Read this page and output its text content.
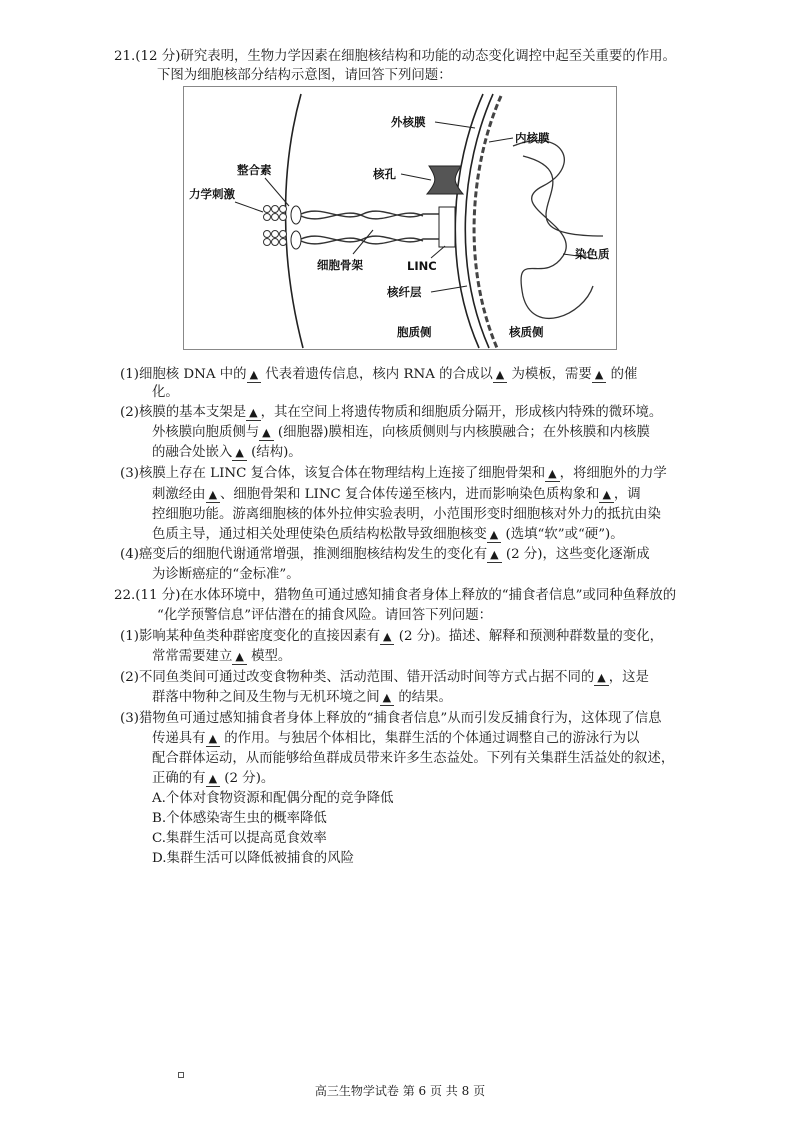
21.(12 分)研究表明，生物力学因素在细胞核结构和功能的动态变化调控中起至关重要的作用。
下图为细胞核部分结构示意图，请回答下列问题：
外核膜
内核膜
整合素
力学刺激
核孔
细胞骨架	LINC
染色质
核纤层
胞质侧	核质侧
(1)细胞核 DNA 中的 ▲ 代表着遗传信息，核内 RNA 的合成以 ▲ 为模板，需要 ▲ 的催
化。
(2)核膜的基本支架是 ▲ ，其在空间上将遗传物质和细胞质分隔开，形成核内特殊的微环境。
外核膜向胞质侧与 ▲ (细胞器)膜相连，向核质侧则与内核膜融合；在外核膜和内核膜
的融合处嵌入 ▲ (结构)。
(3)核膜上存在 LINC 复合体，该复合体在物理结构上连接了细胞骨架和 ▲ ，将细胞外的力学
刺激经由 ▲ 、细胞骨架和 LINC 复合体传递至核内，进而影响染色质构象和 ▲ ，调
控细胞功能。游离细胞核的体外拉伸实验表明，小范围形变时细胞核对外力的抵抗由染
色质主导，通过相关处理使染色质结构松散导致细胞核变 ▲ (选填“软”或“硬”)。
(4)癌变后的细胞代谢通常增强，推测细胞核结构发生的变化有 ▲ (2 分)，这些变化逐渐成
为诊断癌症的“金标准”。
22.(11 分)在水体环境中，猎物鱼可通过感知捕食者身体上释放的“捕食者信息”或同种鱼释放的
“化学预警信息”评估潜在的捕食风险。请回答下列问题：
(1)影响某种鱼类种群密度变化的直接因素有 ▲ (2 分)。描述、解释和预测种群数量的变化，
常常需要建立 ▲ 模型。
(2)不同鱼类间可通过改变食物种类、活动范围、错开活动时间等方式占据不同的 ▲ ，这是
群落中物种之间及生物与无机环境之间 ▲ 的结果。
(3)猎物鱼可通过感知捕食者身体上释放的“捕食者信息”从而引发反捕食行为，这体现了信息
传递具有 ▲ 的作用。与独居个体相比，集群生活的个体通过调整自己的游泳行为以
配合群体运动，从而能够给鱼群成员带来许多生态益处。下列有关集群生活益处的叙述，
正确的有 ▲ (2 分)。
A.个体对食物资源和配偶分配的竞争降低
B.个体感染寄生虫的概率降低
C.集群生活可以提高觅食效率
D.集群生活可以降低被捕食的风险
高三生物学试卷 第 6 页 共 8 页
